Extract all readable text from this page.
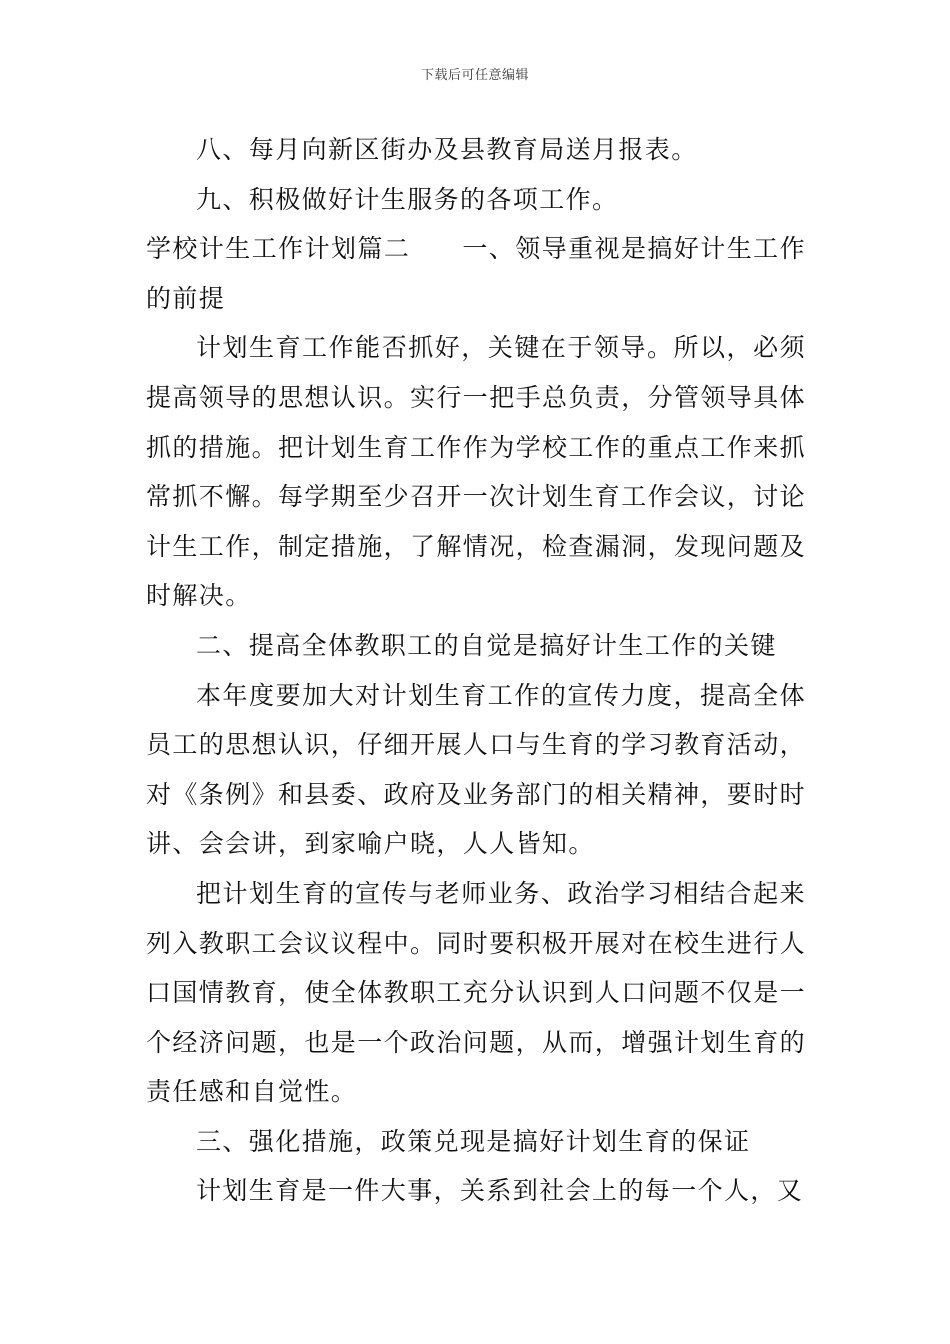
下载后可任意编辑

八、每月向新区街办及县教育局送月报表。

九、积极做好计生服务的各项工作。

学校计生工作计划篇二 一、领导重视是搞好计生工作的前提

计划生育工作能否抓好，关键在于领导。所以，必须提高领导的思想认识。实行一把手总负责，分管领导具体抓的措施。把计划生育工作作为学校工作的重点工作来抓常抓不懈。每学期至少召开一次计划生育工作会议，讨论计生工作，制定措施，了解情况，检查漏洞，发现问题及时解决。

二、提高全体教职工的自觉是搞好计生工作的关键

本年度要加大对计划生育工作的宣传力度，提高全体员工的思想认识，仔细开展人口与生育的学习教育活动，对《条例》和县委、政府及业务部门的相关精神，要时时讲、会会讲，到家喻户晓，人人皆知。

把计划生育的宣传与老师业务、政治学习相结合起来列入教职工会议议程中。同时要积极开展对在校生进行人口国情教育，使全体教职工充分认识到人口问题不仅是一个经济问题，也是一个政治问题，从而，增强计划生育的责任感和自觉性。

三、强化措施，政策兑现是搞好计划生育的保证

计划生育是一件大事，关系到社会上的每一个人，又
